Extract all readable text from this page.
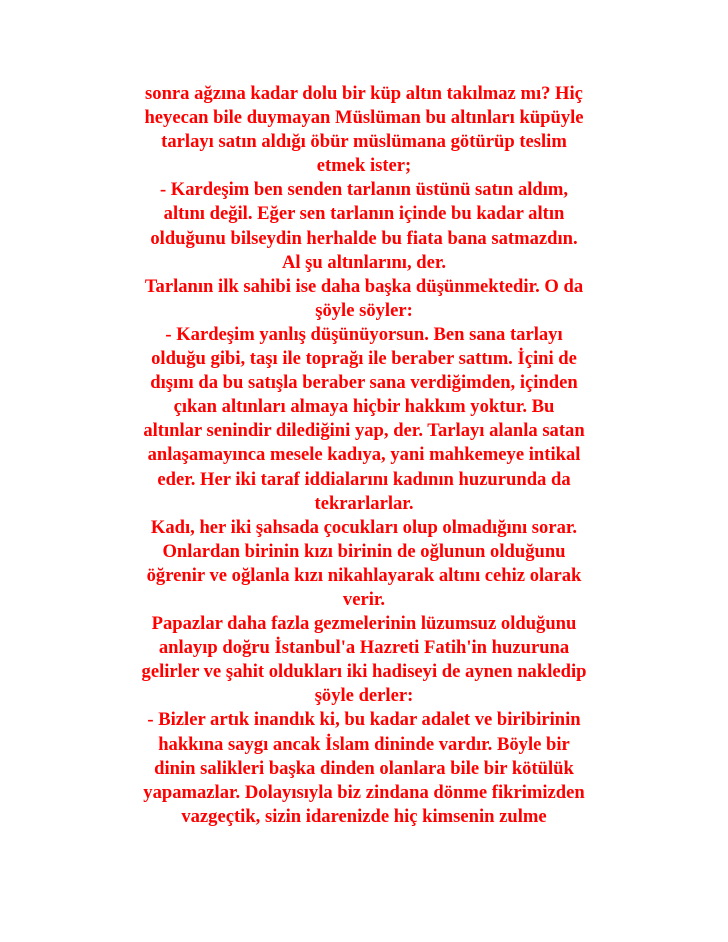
sonra ağzına kadar dolu bir küp altın takılmaz mı? Hiç
heyecan bile duymayan Müslüman bu altınları küpüyle
tarlayı satın aldığı öbür müslümana götürüp teslim
etmek ister;
- Kardeşim ben senden tarlanın üstünü satın aldım,
altını değil. Eğer sen tarlanın içinde bu kadar altın
olduğunu bilseydin herhalde bu fiata bana satmazdın.
Al şu altınlarını, der.
Tarlanın ilk sahibi ise daha başka düşünmektedir. O da
şöyle söyler:
- Kardeşim yanlış düşünüyorsun. Ben sana tarlayı
olduğu gibi, taşı ile toprağı ile beraber sattım. İçini de
dışını da bu satışla beraber sana verdiğimden, içinden
çıkan altınları almaya hiçbir hakkım yoktur. Bu
altınlar senindir dilediğini yap, der. Tarlayı alanla satan
anlaşamayınca mesele kadıya, yani mahkemeye intikal
eder. Her iki taraf iddialarını kadının huzurunda da
tekrarlarlar.
Kadı, her iki şahsada çocukları olup olmadığını sorar.
Onlardan birinin kızı birinin de oğlunun olduğunu
öğrenir ve oğlanla kızı nikahlayarak altını cehiz olarak
verir.
Papazlar daha fazla gezmelerinin lüzumsuz olduğunu
anlayıp doğru İstanbul'a Hazreti Fatih'in huzuruna
gelirler ve şahit oldukları iki hadiseyi de aynen nakledip
şöyle derler:
- Bizler artık inandık ki, bu kadar adalet ve biribirinin
hakkına saygı ancak İslam dininde vardır. Böyle bir
dinin salikleri başka dinden olanlara bile bir kötülük
yapamazlar. Dolayısıyla biz zindana dönme fikrimizden
vazgeçtik, sizin idarenizde hiç kimsenin zulme
